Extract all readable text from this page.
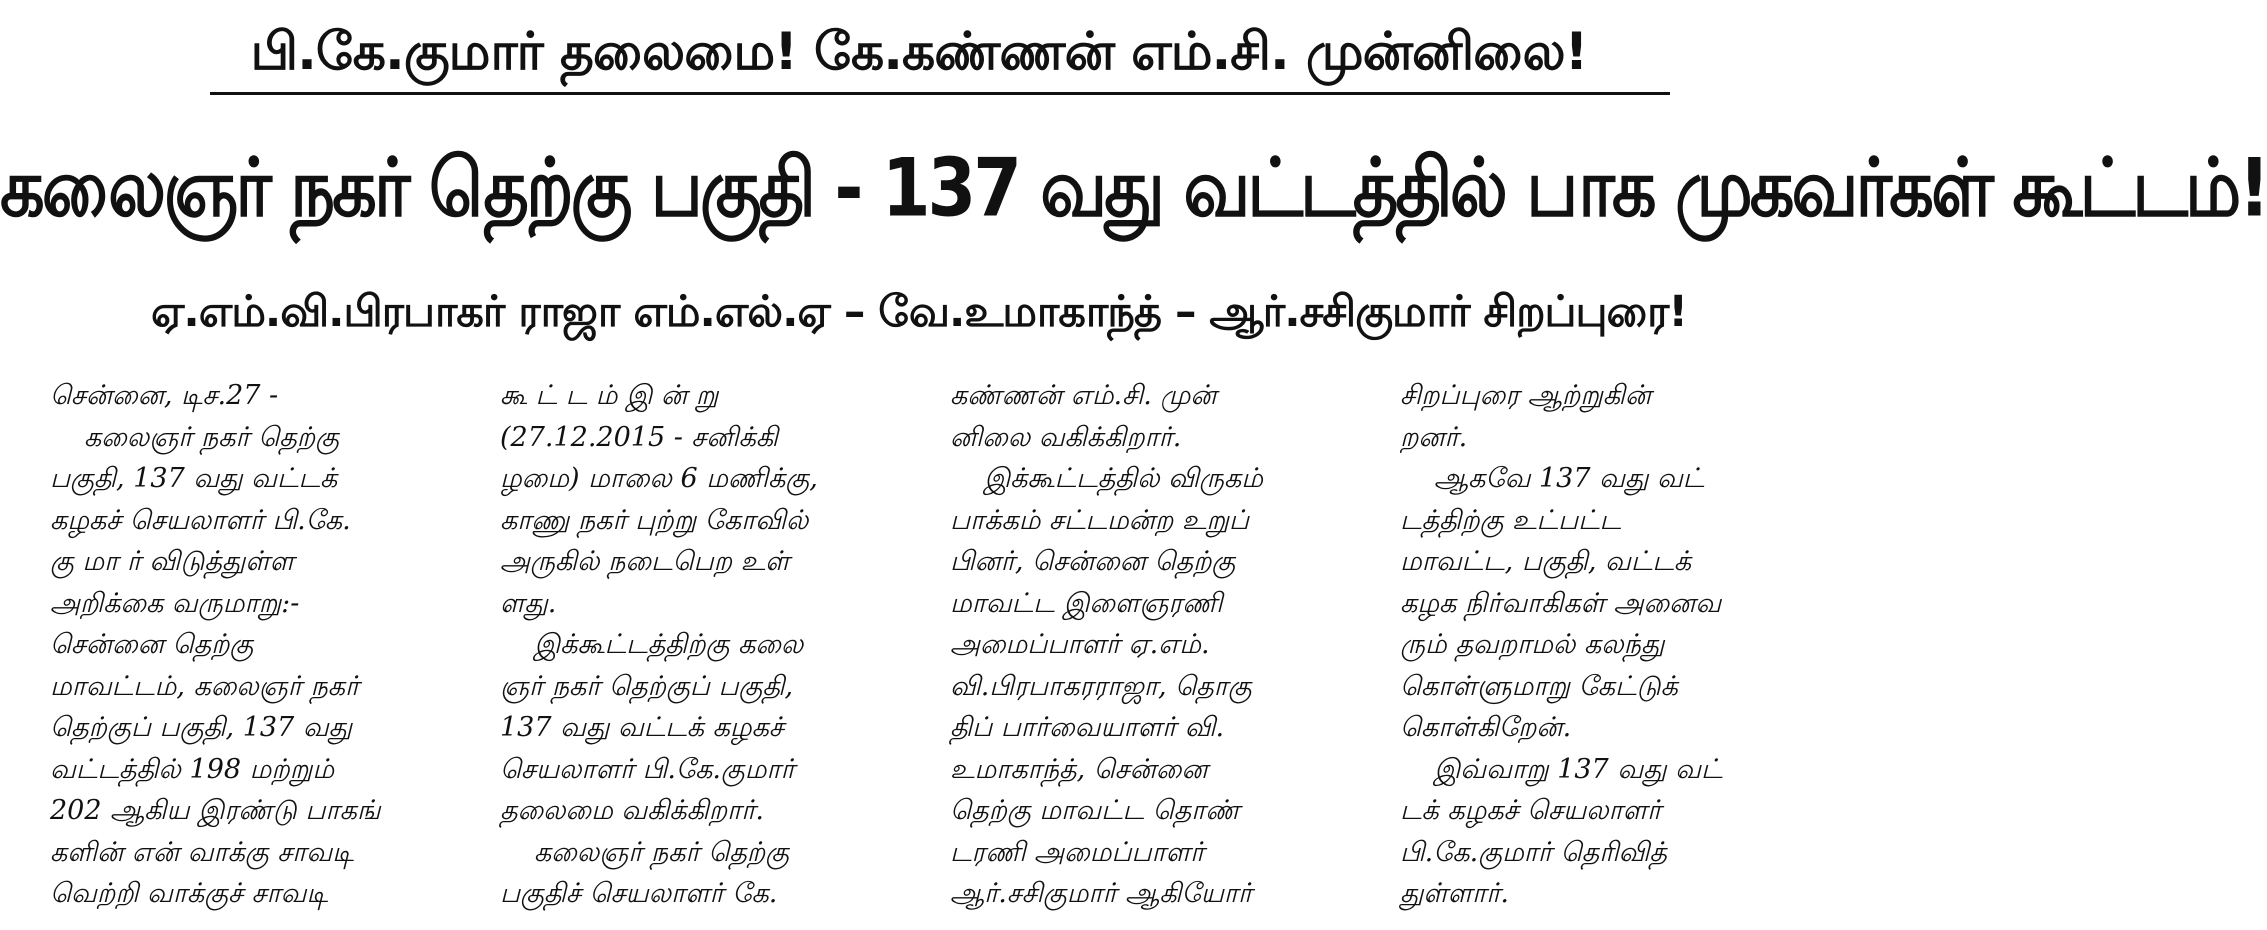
பி.கே.குமார் தலைமை! கே.கண்ணன் எம்.சி. முன்னிலை!
கலைஞர் நகர் தெற்கு பகுதி - 137 வது வட்டத்தில் பாக முகவர்கள் கூட்டம்!
ஏ.எம்.வி.பிரபாகர் ராஜா எம்.எல்.ஏ – வே.உமாகாந்த் – ஆர்.சசிகுமார் சிறப்புரை!
சென்னை, டிச.27 -
கலைஞர் நகர் தெற்கு
பகுதி, 137 வது வட்டக்
கழகச் செயலாளர் பி.கே.
கு மா ர் விடுத்துள்ள
அறிக்கை வருமாறு:-
சென்னை தெற்கு
மாவட்டம், கலைஞர் நகர்
தெற்குப் பகுதி, 137 வது
வட்டத்தில் 198 மற்றும்
202 ஆகிய இரண்டு பாகங்
களின் என் வாக்கு சாவடி
வெற்றி வாக்குச் சாவடி
கூ ட் ட ம் இ ன் று
(27.12.2015 - சனிக்கி
ழமை) மாலை 6 மணிக்கு,
காணு நகர் புற்று கோவில்
அருகில் நடைபெற உள்
ளது.
இக்கூட்டத்திற்கு கலை
ஞர் நகர் தெற்குப் பகுதி,
137 வது வட்டக் கழகச்
செயலாளர் பி.கே.குமார்
தலைமை வகிக்கிறார்.
கலைஞர் நகர் தெற்கு
பகுதிச் செயலாளர் கே.
கண்ணன் எம்.சி. முன்
னிலை வகிக்கிறார்.
இக்கூட்டத்தில் விருகம்
பாக்கம் சட்டமன்ற உறுப்
பினர், சென்னை தெற்கு
மாவட்ட இளைஞரணி
அமைப்பாளர் ஏ.எம்.
வி.பிரபாகரராஜா, தொகு
திப் பார்வையாளர் வி.
உமாகாந்த், சென்னை
தெற்கு மாவட்ட தொண்
டரணி அமைப்பாளர்
ஆர்.சசிகுமார் ஆகியோர்
சிறப்புரை ஆற்றுகின்
றனர்.
ஆகவே 137 வது வட்
டத்திற்கு உட்பட்ட
மாவட்ட, பகுதி, வட்டக்
கழக நிர்வாகிகள் அனைவ
ரும் தவறாமல் கலந்து
கொள்ளுமாறு கேட்டுக்
கொள்கிறேன்.
இவ்வாறு 137 வது வட்
டக் கழகச் செயலாளர்
பி.கே.குமார் தெரிவித்
துள்ளார்.
